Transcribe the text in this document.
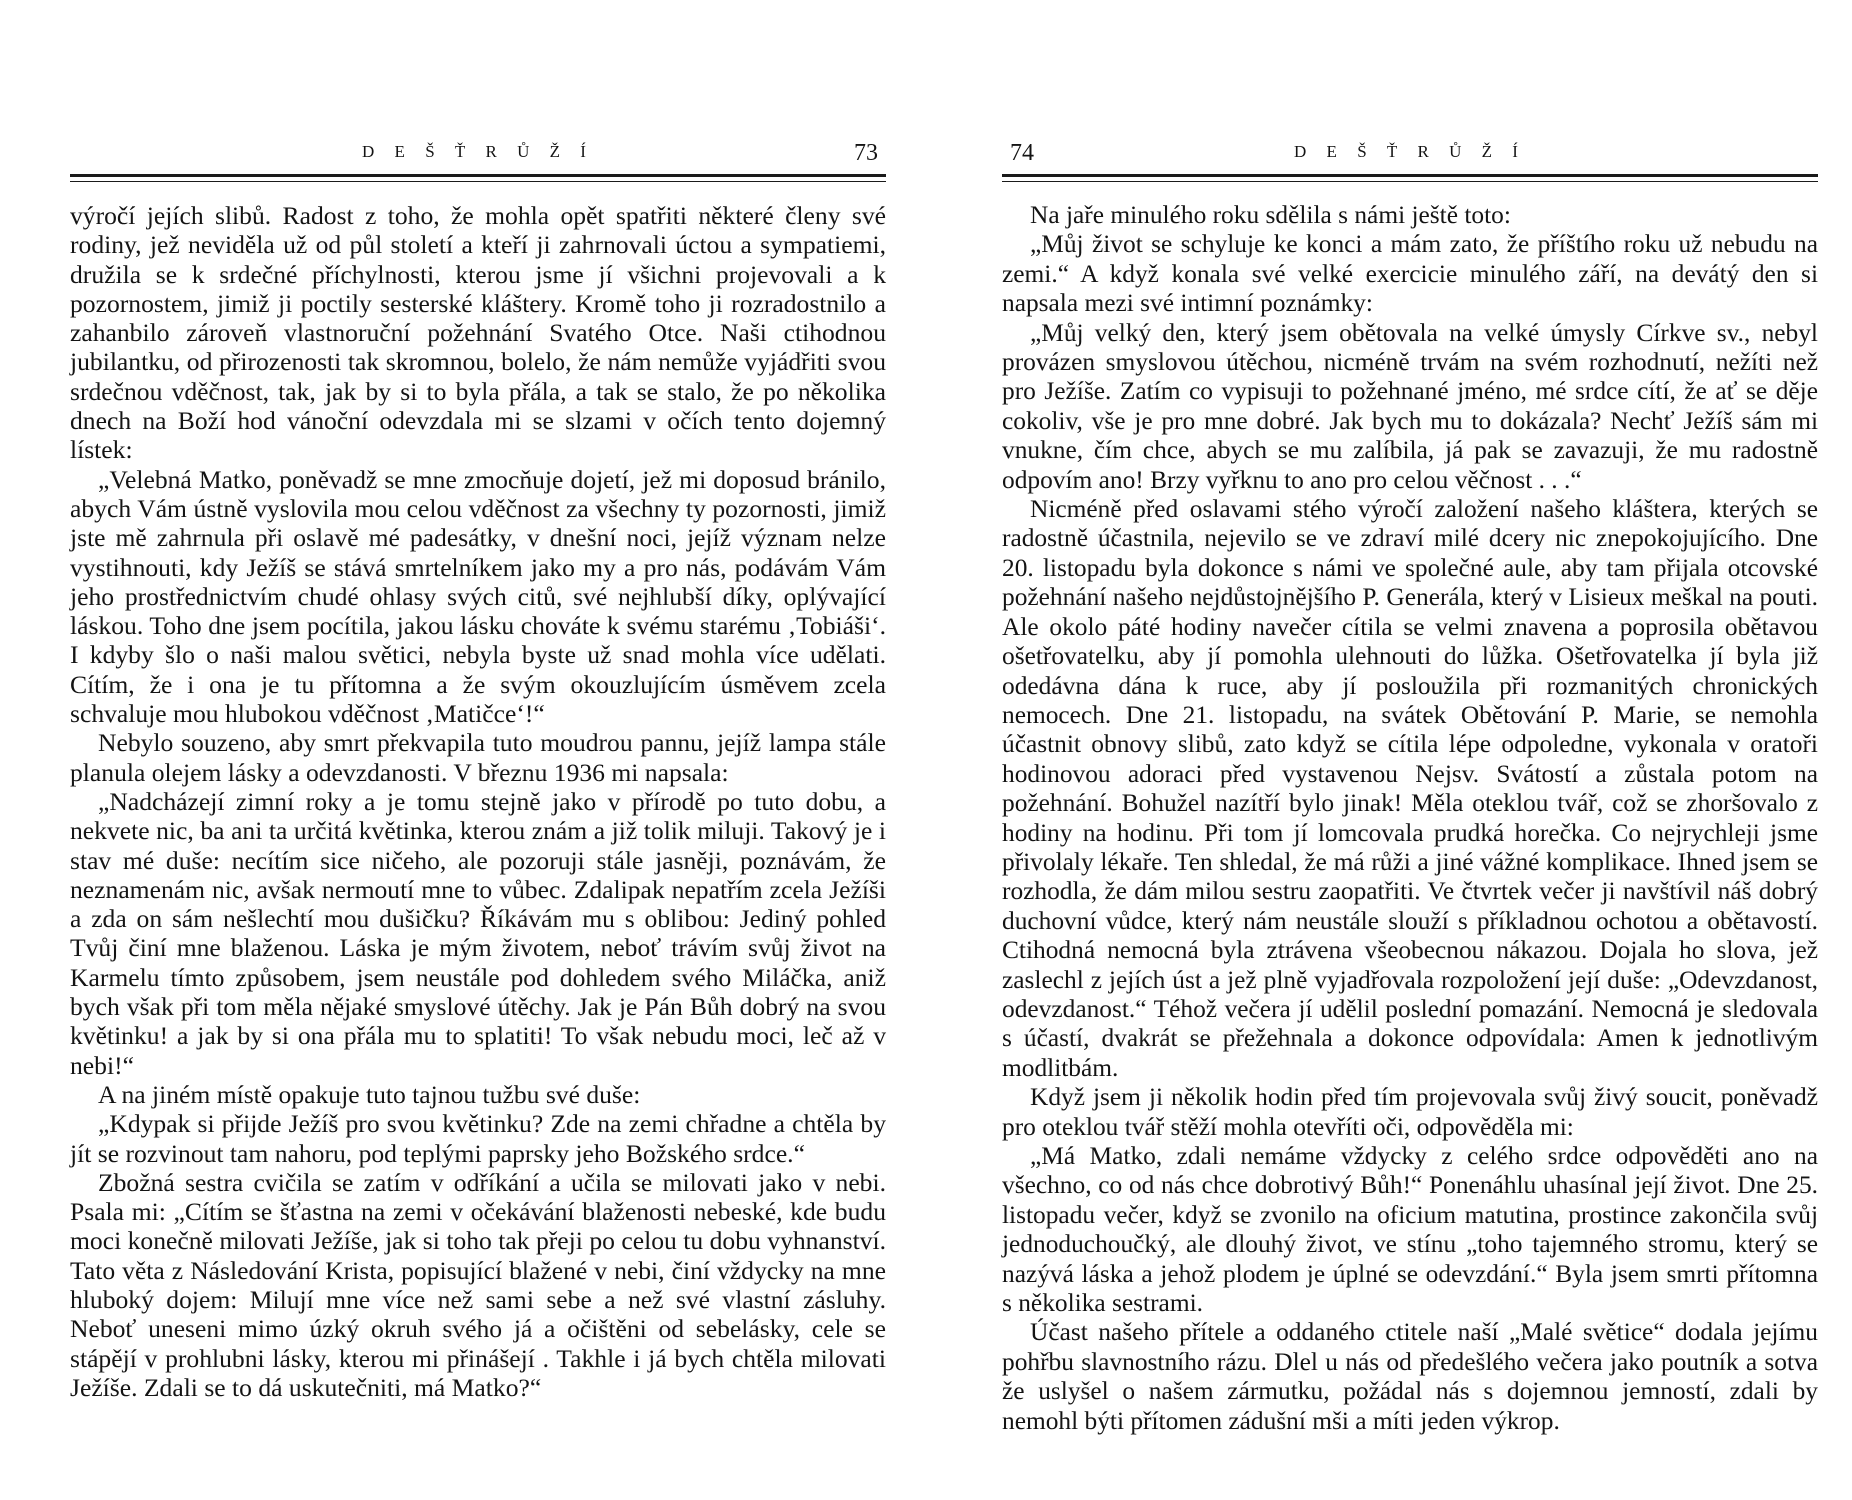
D E Š Ť R Ů Ž Í	73

výročí jejích slibů. Radost z toho, že mohla opět spatřiti některé členy své rodiny, jež neviděla už od půl století a kteří ji zahrnovali úctou a sympatiemi, družila se k srdečné příchylnosti, kterou jsme jí všichni projevovali a k pozornostem, jimiž ji poctily sesterské kláštery. Kromě toho ji rozradostnilo a zahanbilo zároveň vlastnoruční požehnání Svatého Otce. Naši ctihodnou jubilantku, od přirozenosti tak skromnou, bolelo, že nám nemůže vyjádřiti svou srdečnou vděčnost, tak, jak by si to byla přála, a tak se stalo, že po několika dnech na Boží hod vánoční odevzdala mi se slzami v očích tento dojemný lístek:

„Velebná Matko, poněvadž se mne zmocňuje dojetí, jež mi doposud bránilo, abych Vám ústně vyslovila mou celou vděčnost za všechny ty pozornosti, jimiž jste mě zahrnula při oslavě mé padesátky, v dnešní noci, jejíž význam nelze vystihnouti, kdy Ježíš se stává smrtelníkem jako my a pro nás, podávám Vám jeho prostřednictvím chudé ohlasy svých citů, své nejhlubší díky, oplývající láskou. Toho dne jsem pocítila, jakou lásku chováte k svému starému ‚Tobiáši‘. I kdyby šlo o naši malou světici, nebyla byste už snad mohla více udělati. Cítím, že i ona je tu přítomna a že svým okouzlujícím úsměvem zcela schvaluje mou hlubokou vděčnost ‚Matičce‘!“

Nebylo souzeno, aby smrt překvapila tuto moudrou pannu, jejíž lampa stále planula olejem lásky a odevzdanosti. V březnu 1936 mi napsala:

„Nadcházejí zimní roky a je tomu stejně jako v přírodě po tuto dobu, a nekvete nic, ba ani ta určitá květinka, kterou znám a již tolik miluji. Takový je i stav mé duše: necítím sice ničeho, ale pozoruji stále jasněji, poznávám, že neznamenám nic, avšak nermoutí mne to vůbec. Zdalipak nepatřím zcela Ježíši a zda on sám nešlechtí mou dušičku? Říkávám mu s oblibou: Jediný pohled Tvůj činí mne blaženou. Láska je mým životem, neboť trávím svůj život na Karmelu tímto způsobem, jsem neustále pod dohledem svého Miláčka, aniž bych však při tom měla nějaké smyslové útěchy. Jak je Pán Bůh dobrý na svou květinku! a jak by si ona přála mu to splatiti! To však nebudu moci, leč až v nebi!“

A na jiném místě opakuje tuto tajnou tužbu své duše:

„Kdypak si přijde Ježíš pro svou květinku? Zde na zemi chřadne a chtěla by jít se rozvinout tam nahoru, pod teplými paprsky jeho Božského srdce.“

Zbožná sestra cvičila se zatím v odříkání a učila se milovati jako v nebi. Psala mi: „Cítím se šťastna na zemi v očekávání blaženosti nebeské, kde budu moci konečně milovati Ježíše, jak si toho tak přeji po celou tu dobu vyhnanství. Tato věta z Následování Krista, popisující blažené v nebi, činí vždycky na mne hluboký dojem: Milují mne více než sami sebe a než své vlastní zásluhy. Neboť uneseni mimo úzký okruh svého já a očištěni od sebelásky, cele se stápějí v prohlubni lásky, kterou mi přinášejí . Takhle i já bych chtěla milovati Ježíše. Zdali se to dá uskutečniti, má Matko?“

74	D E Š Ť R Ů Ž Í

Na jaře minulého roku sdělila s námi ještě toto:

„Můj život se schyluje ke konci a mám zato, že příštího roku už nebudu na zemi.“ A když konala své velké exercicie minulého září, na devátý den si napsala mezi své intimní poznámky:

„Můj velký den, který jsem obětovala na velké úmysly Církve sv., nebyl provázen smyslovou útěchou, nicméně trvám na svém rozhodnutí, nežíti než pro Ježíše. Zatím co vypisuji to požehnané jméno, mé srdce cítí, že ať se děje cokoliv, vše je pro mne dobré. Jak bych mu to dokázala? Nechť Ježíš sám mi vnukne, čím chce, abych se mu zalíbila, já pak se zavazuji, že mu radostně odpovím ano! Brzy vyřknu to ano pro celou věčnost . . .“

Nicméně před oslavami stého výročí založení našeho kláštera, kterých se radostně účastnila, nejevilo se ve zdraví milé dcery nic znepokojujícího. Dne 20. listopadu byla dokonce s námi ve společné aule, aby tam přijala otcovské požehnání našeho nejdůstojnějšího P. Generála, který v Lisieux meškal na pouti. Ale okolo páté hodiny navečer cítila se velmi znavena a poprosila obětavou ošetřovatelku, aby jí pomohla ulehnouti do lůžka. Ošetřovatelka jí byla již odedávna dána k ruce, aby jí posloužila při rozmanitých chronických nemocech. Dne 21. listopadu, na svátek Obětování P. Marie, se nemohla účastnit obnovy slibů, zato když se cítila lépe odpoledne, vykonala v oratoři hodinovou adoraci před vystavenou Nejsv. Svátostí a zůstala potom na požehnání. Bohužel nazítří bylo jinak! Měla oteklou tvář, což se zhoršovalo z hodiny na hodinu. Při tom jí lomcovala prudká horečka. Co nejrychleji jsme přivolaly lékaře. Ten shledal, že má růži a jiné vážné komplikace. Ihned jsem se rozhodla, že dám milou sestru zaopatřiti. Ve čtvrtek večer ji navštívil náš dobrý duchovní vůdce, který nám neustále slouží s příkladnou ochotou a obětavostí. Ctihodná nemocná byla ztrávena všeobecnou nákazou. Dojala ho slova, jež zaslechl z jejích úst a jež plně vyjadřovala rozpoložení její duše: „Odevzdanost, odevzdanost.“ Téhož večera jí udělil poslední pomazání. Nemocná je sledovala s účastí, dvakrát se přežehnala a dokonce odpovídala: Amen k jednotlivým modlitbám.

Když jsem ji několik hodin před tím projevovala svůj živý soucit, poněvadž pro oteklou tvář stěží mohla otevříti oči, odpověděla mi:

„Má Matko, zdali nemáme vždycky z celého srdce odpověděti ano na všechno, co od nás chce dobrotivý Bůh!“ Ponenáhlu uhasínal její život. Dne 25. listopadu večer, když se zvonilo na oficium matutina, prostince zakončila svůj jednoduchoučký, ale dlouhý život, ve stínu „toho tajemného stromu, který se nazývá láska a jehož plodem je úplné se odevzdání.“ Byla jsem smrti přítomna s několika sestrami.

Účast našeho přítele a oddaného ctitele naší „Malé světice“ dodala jejímu pohřbu slavnostního rázu. Dlel u nás od předešlého večera jako poutník a sotva že uslyšel o našem zármutku, požádal nás s dojemnou jemností, zdali by nemohl býti přítomen zádušní mši a míti jeden výkrop.
